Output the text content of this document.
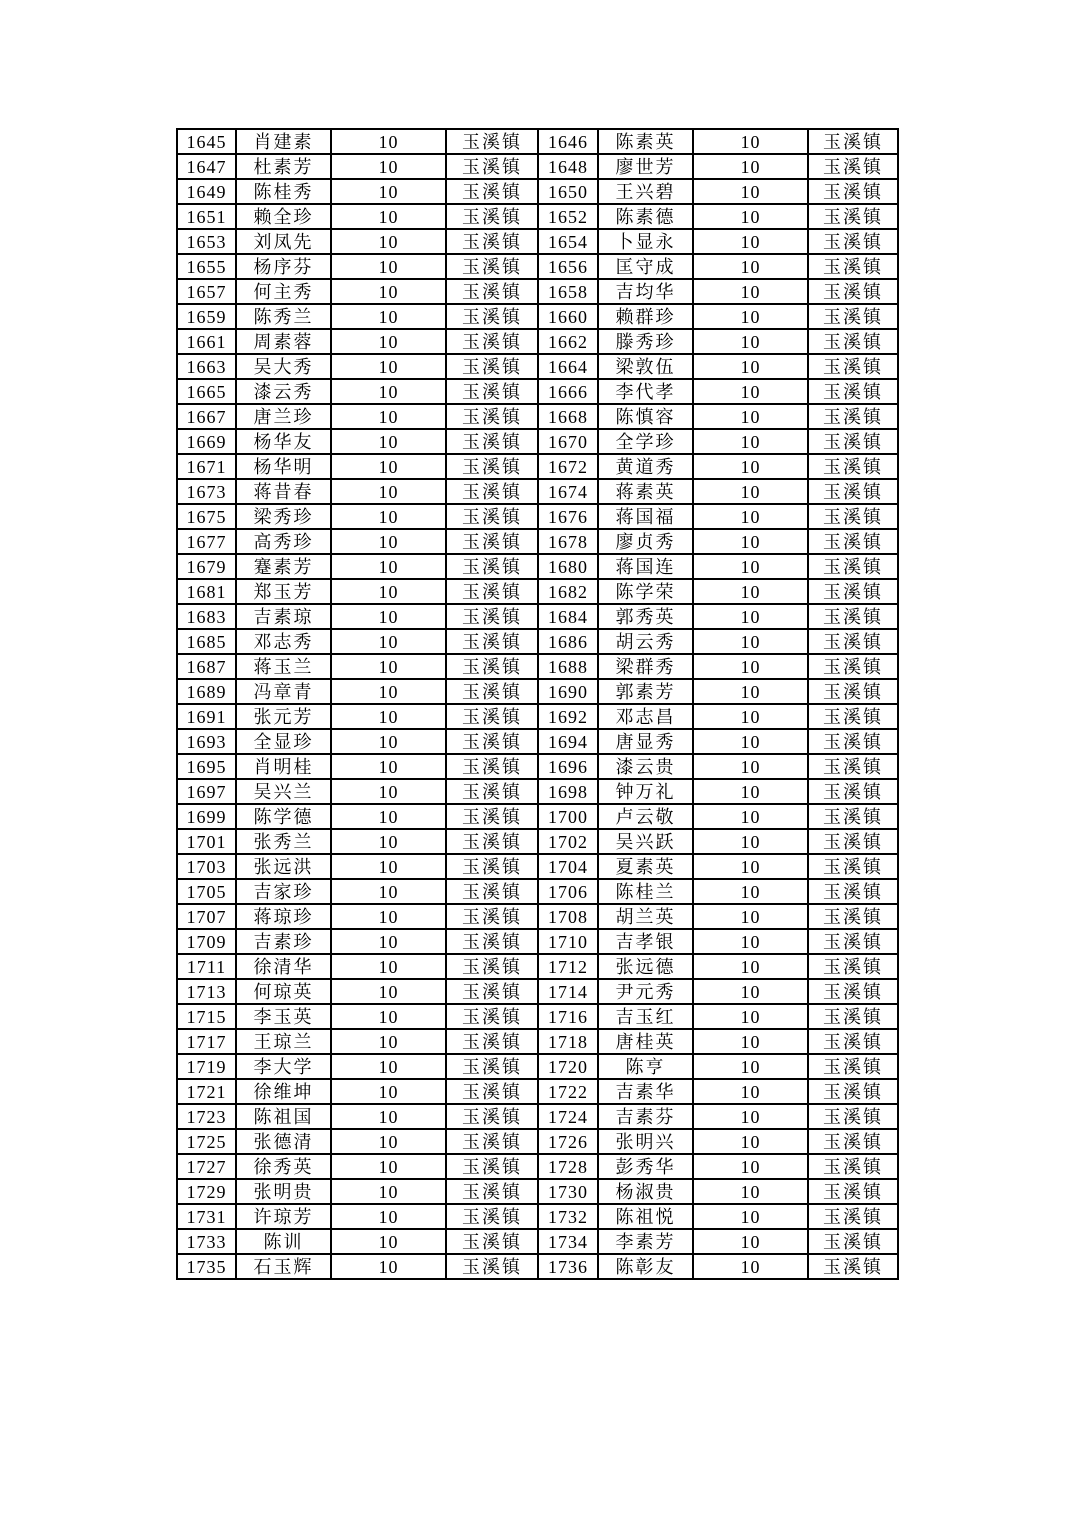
1645	肖建素	10	玉溪镇	1646	陈素英	10	玉溪镇
1647	杜素芳	10	玉溪镇	1648	廖世芳	10	玉溪镇
1649	陈桂秀	10	玉溪镇	1650	王兴碧	10	玉溪镇
1651	赖全珍	10	玉溪镇	1652	陈素德	10	玉溪镇
1653	刘凤先	10	玉溪镇	1654	卜显永	10	玉溪镇
1655	杨序芬	10	玉溪镇	1656	匡守成	10	玉溪镇
1657	何主秀	10	玉溪镇	1658	吉均华	10	玉溪镇
1659	陈秀兰	10	玉溪镇	1660	赖群珍	10	玉溪镇
1661	周素蓉	10	玉溪镇	1662	滕秀珍	10	玉溪镇
1663	吴大秀	10	玉溪镇	1664	梁敦伍	10	玉溪镇
1665	漆云秀	10	玉溪镇	1666	李代孝	10	玉溪镇
1667	唐兰珍	10	玉溪镇	1668	陈慎容	10	玉溪镇
1669	杨华友	10	玉溪镇	1670	全学珍	10	玉溪镇
1671	杨华明	10	玉溪镇	1672	黄道秀	10	玉溪镇
1673	蒋昔春	10	玉溪镇	1674	蒋素英	10	玉溪镇
1675	梁秀珍	10	玉溪镇	1676	蒋国福	10	玉溪镇
1677	高秀珍	10	玉溪镇	1678	廖贞秀	10	玉溪镇
1679	蹇素芳	10	玉溪镇	1680	蒋国连	10	玉溪镇
1681	郑玉芳	10	玉溪镇	1682	陈学荣	10	玉溪镇
1683	吉素琼	10	玉溪镇	1684	郭秀英	10	玉溪镇
1685	邓志秀	10	玉溪镇	1686	胡云秀	10	玉溪镇
1687	蒋玉兰	10	玉溪镇	1688	梁群秀	10	玉溪镇
1689	冯章青	10	玉溪镇	1690	郭素芳	10	玉溪镇
1691	张元芳	10	玉溪镇	1692	邓志昌	10	玉溪镇
1693	全显珍	10	玉溪镇	1694	唐显秀	10	玉溪镇
1695	肖明桂	10	玉溪镇	1696	漆云贵	10	玉溪镇
1697	吴兴兰	10	玉溪镇	1698	钟万礼	10	玉溪镇
1699	陈学德	10	玉溪镇	1700	卢云敬	10	玉溪镇
1701	张秀兰	10	玉溪镇	1702	吴兴跃	10	玉溪镇
1703	张远洪	10	玉溪镇	1704	夏素英	10	玉溪镇
1705	吉家珍	10	玉溪镇	1706	陈桂兰	10	玉溪镇
1707	蒋琼珍	10	玉溪镇	1708	胡兰英	10	玉溪镇
1709	吉素珍	10	玉溪镇	1710	吉孝银	10	玉溪镇
1711	徐清华	10	玉溪镇	1712	张远德	10	玉溪镇
1713	何琼英	10	玉溪镇	1714	尹元秀	10	玉溪镇
1715	李玉英	10	玉溪镇	1716	吉玉红	10	玉溪镇
1717	王琼兰	10	玉溪镇	1718	唐桂英	10	玉溪镇
1719	李大学	10	玉溪镇	1720	陈亨	10	玉溪镇
1721	徐维坤	10	玉溪镇	1722	吉素华	10	玉溪镇
1723	陈祖国	10	玉溪镇	1724	吉素芬	10	玉溪镇
1725	张德清	10	玉溪镇	1726	张明兴	10	玉溪镇
1727	徐秀英	10	玉溪镇	1728	彭秀华	10	玉溪镇
1729	张明贵	10	玉溪镇	1730	杨淑贵	10	玉溪镇
1731	许琼芳	10	玉溪镇	1732	陈祖悦	10	玉溪镇
1733	陈训	10	玉溪镇	1734	李素芳	10	玉溪镇
1735	石玉辉	10	玉溪镇	1736	陈彰友	10	玉溪镇
